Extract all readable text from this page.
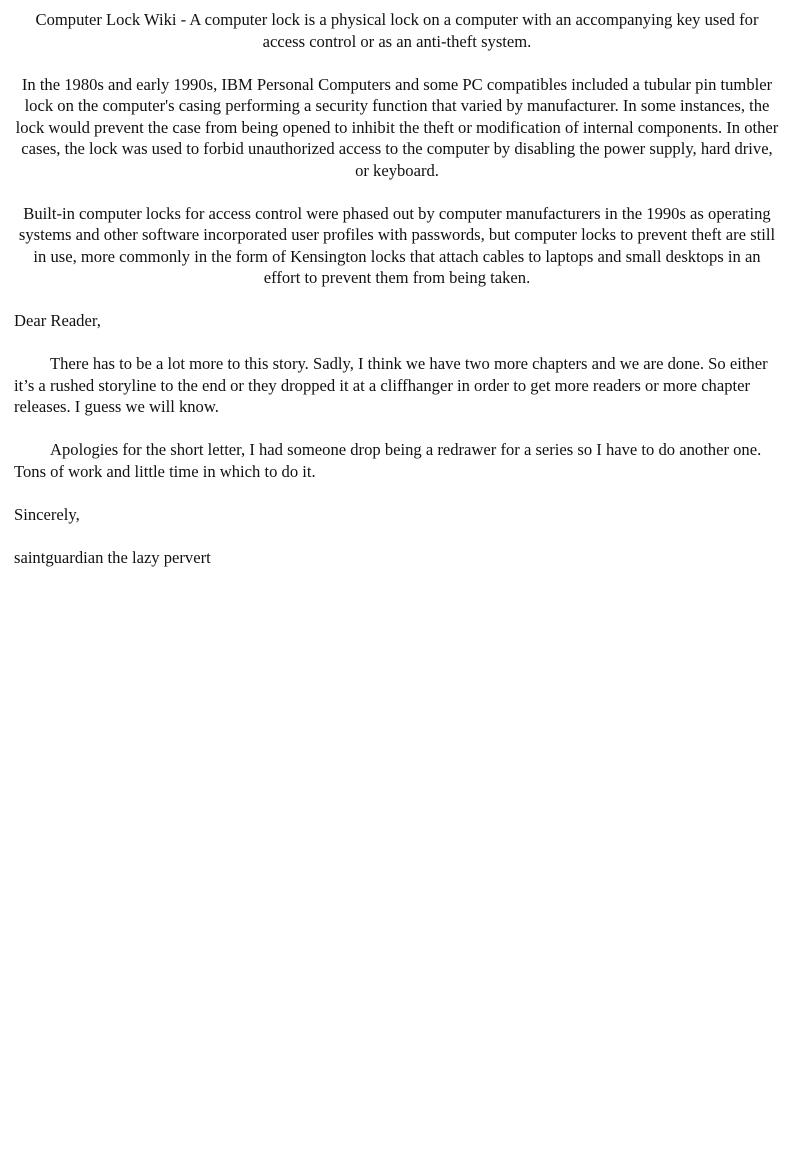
Computer Lock Wiki - A computer lock is a physical lock on a computer with an accompanying key used for access control or as an anti-theft system.

In the 1980s and early 1990s, IBM Personal Computers and some PC compatibles included a tubular pin tumbler lock on the computer's casing performing a security function that varied by manufacturer. In some instances, the lock would prevent the case from being opened to inhibit the theft or modification of internal components. In other cases, the lock was used to forbid unauthorized access to the computer by disabling the power supply, hard drive, or keyboard.

Built-in computer locks for access control were phased out by computer manufacturers in the 1990s as operating systems and other software incorporated user profiles with passwords, but computer locks to prevent theft are still in use, more commonly in the form of Kensington locks that attach cables to laptops and small desktops in an effort to prevent them from being taken.

Dear Reader,

There has to be a lot more to this story. Sadly, I think we have two more chapters and we are done. So either it’s a rushed storyline to the end or they dropped it at a cliffhanger in order to get more readers or more chapter releases. I guess we will know.

Apologies for the short letter, I had someone drop being a redrawer for a series so I have to do another one. Tons of work and little time in which to do it.

Sincerely,

saintguardian the lazy pervert
